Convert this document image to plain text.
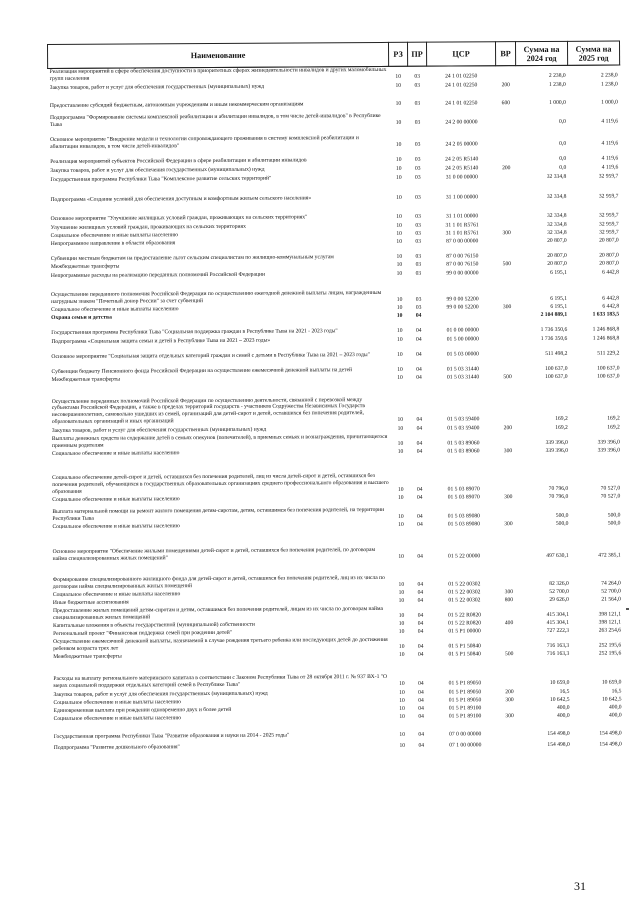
Наименование	РЗ	ПР	ЦСР	ВР	Сумма на 2024 год	Сумма на 2025 год
Реализация мероприятий в сфере обеспечения доступности в приоритетных сферах жизнедеятельности инвалидов и других маломобильных групп населения	10	03	24 1 01 02250		2 238,0	2 238,0
Закупка товаров, работ и услуг для обеспечения государственных (муниципальных) нужд	10	03	24 1 01 02250	200	1 238,0	1 238,0
Предоставление субсидий бюджетным, автономным учреждениям и иным некоммерческим организациям	10	03	24 1 01 02250	600	1 000,0	1 000,0
Подпрограмма "Формирование системы комплексной реабилитации и абилитации инвалидов, в том числе детей-инвалидов" в Республике Тыва	10	03	24 2 00 00000		0,0	4 119,6
Основное мероприятие "Внедрение модели и технологии сопровождающего проживания в систему комплексной реабилитации и абилитации инвалидов, в том числе детей-инвалидов"	10	03	24 2 05 00000		0,0	4 119,6
Реализация мероприятий субъектов Российской Федерации в сфере реабилитации и абилитации инвалидов	10	03	24 2 05 R5140		0,0	4 119,6
Закупка товаров, работ и услуг для обеспечения государственных (муниципальных) нужд	10	03	24 2 05 R5140	200	0,0	4 119,6
Государственная программа Республики Тыва "Комплексное развитие сельских территорий"	10	03	31 0 00 00000		32 334,8	32 959,7
Подпрограмма «Создание условий для обеспечения доступным и комфортным жильем сельского населения»	10	03	31 1 00 00000		32 334,8	32 959,7
Основное мероприятие "Улучшение жилищных условий граждан, проживающих на сельских территориях"	10	03	31 1 01 00000		32 334,8	32 959,7
Улучшение жилищных условий граждан, проживающих на сельских территориях	10	03	31 1 01 R5761		32 334,8	32 959,7
Социальное обеспечение и иные выплаты населению	10	03	31 1 01 R5761	300	32 334,8	32 959,7
Непрограммное направление в области образования	10	03	87 0 00 00000		20 807,0	20 807,0
Субвенции местным бюджетам на предоставление льгот сельским специалистам по жилищно-коммунальным услугам	10	03	87 0 00 76150		20 807,0	20 807,0
Межбюджетные трансферты	10	03	87 0 00 76150	500	20 807,0	20 807,0
Непрограммные расходы на реализацию переданных полномочий Российской Федерации	10	03	99 0 00 00000		6 195,1	6 442,8
Осуществление переданного полномочия Российской Федерации по осуществлению ежегодной денежной выплаты лицам, награжденным нагрудным знаком "Почетный донор России" за счет субвенций	10	03	99 0 00 52200		6 195,1	6 442,8
Социальное обеспечение и иные выплаты населению	10	03	99 0 00 52200	300	6 195,1	6 442,8
Охрана семьи и детства	10	04			2 104 889,1	1 633 183,5
Государственная программа Республики Тыва "Социальная поддержка граждан в Республике Тыва на 2021 - 2023 годы"	10	04	01 0 00 00000		1 736 350,6	1 246 868,8
Подпрограмма «Социальная защита семьи и детей в Республике Тыва на 2021 – 2023 годы»	10	04	01 5 00 00000		1 736 350,6	1 246 868,8
Основное мероприятие "Социальная защита отдельных категорий граждан и семей с детьми в Республике Тыва на 2021 – 2023 годы"	10	04	01 5 03 00000		511 498,2	511 229,2
Субвенции бюджету Пенсионного фонда Российской Федерации на осуществление ежемесячной денежной выплаты на детей	10	04	01 5 03 31440		100 637,0	100 637,0
Межбюджетные трансферты	10	04	01 5 03 31440	500	100 637,0	100 637,0
Осуществление переданных полномочий Российской Федерации по осуществлению деятельности, связанной с перевозкой между субъектами Российской Федерации, а также в пределах территорий государств - участников Содружества Независимых Государств несовершеннолетних, самовольно ушедших из семей, организаций для детей-сирот и детей, оставшихся без попечения родителей, образовательных организаций и иных организаций	10	04	01 5 03 59400		169,2	169,2
Закупка товаров, работ и услуг для обеспечения государственных (муниципальных) нужд	10	04	01 5 03 59400	200	169,2	169,2
Выплаты денежных средств на содержание детей в семьях опекунов (попечителей), в приемных семьях и вознаграждения, причитающегося приемным родителям	10	04	01 5 03 89060		339 396,0	339 396,0
Социальное обеспечение и иные выплаты населению	10	04	01 5 03 89060	300	339 396,0	339 396,0
Социальное обеспечение детей-сирот и детей, оставшихся без попечения родителей, лиц из числа детей-сирот и детей, оставшихся без попечения родителей, обучающихся в государственных образовательных организациях среднего профессионального образования и высшего образования	10	04	01 5 03 89070		70 796,0	70 527,0
Социальное обеспечение и иные выплаты населению	10	04	01 5 03 89070	300	70 796,0	70 527,0
Выплата материальной помощи на ремонт жилого помещения детям-сиротам, детям, оставшимся без попечения родителей, на территории Республики Тыва	10	04	01 5 03 89080		500,0	500,0
Социальное обеспечение и иные выплаты населению	10	04	01 5 03 89080	300	500,0	500,0
Основное мероприятие "Обеспечение жилыми помещениями детей-сирот и детей, оставшихся без попечения родителей, по договорам найма специализированных жилых помещений"	10	04	01 5 22 00000		497 630,1	472 385,1
Формирование специализированного жилищного фонда для детей-сирот и детей, оставшихся без попечения родителей, лиц из их числа по договорам найма специализированных жилых помещений	10	04	01 5 22 00302		82 326,0	74 264,0
Социальное обеспечение и иные выплаты населению	10	04	01 5 22 00302	300	52 700,0	52 700,0
Иные бюджетные ассигнования	10	04	01 5 22 00302	800	29 626,0	21 564,0
Предоставление жилых помещений детям-сиротам и детям, оставшимся без попечения родителей, лицам из их числа по договорам найма специализированных жилых помещений	10	04	01 5 22 R0820		415 304,1	398 121,1
Капитальные вложения в объекты государственной (муниципальной) собственности	10	04	01 5 22 R0820	400	415 304,1	398 121,1
Региональный проект "Финансовая поддержка семей при рождении детей"	10	04	01 5 P1 00000		727 222,3	263 254,6
Осуществление ежемесячной денежной выплаты, назначаемой в случае рождения третьего ребенка или последующих детей до достижения ребенком возраста трех лет	10	04	01 5 P1 50840		716 163,3	252 195,6
Межбюджетные трансферты	10	04	01 5 P1 50840	500	716 163,3	252 195,6
Расходы на выплату регионального материнского капитала в соответствии с Законом Республики Тыва от 28 октября 2011 г. № 937 ВХ-1 "О мерах социальной поддержки отдельных категорий семей в Республике Тыва"	10	04	01 5 P1 89050		10 659,0	10 659,0
Закупка товаров, работ и услуг для обеспечения государственных (муниципальных) нужд	10	04	01 5 P1 89050	200	16,5	16,5
Социальное обеспечение и иные выплаты населению	10	04	01 5 P1 89050	300	10 642,5	10 642,5
Единовременная выплата при рождении одновременно двух и более детей	10	04	01 5 P1 89100		400,0	400,0
Социальное обеспечение и иные выплаты населению	10	04	01 5 P1 89100	300	400,0	400,0
Государственная программа Республики Тыва "Развитие образования и науки на 2014 - 2025 годы"	10	04	07 0 00 00000		154 498,0	154 498,0
Подпрограмма "Развитие дошкольного образования"	10	04	07 1 00 00000		154 498,0	154 498,0
31
